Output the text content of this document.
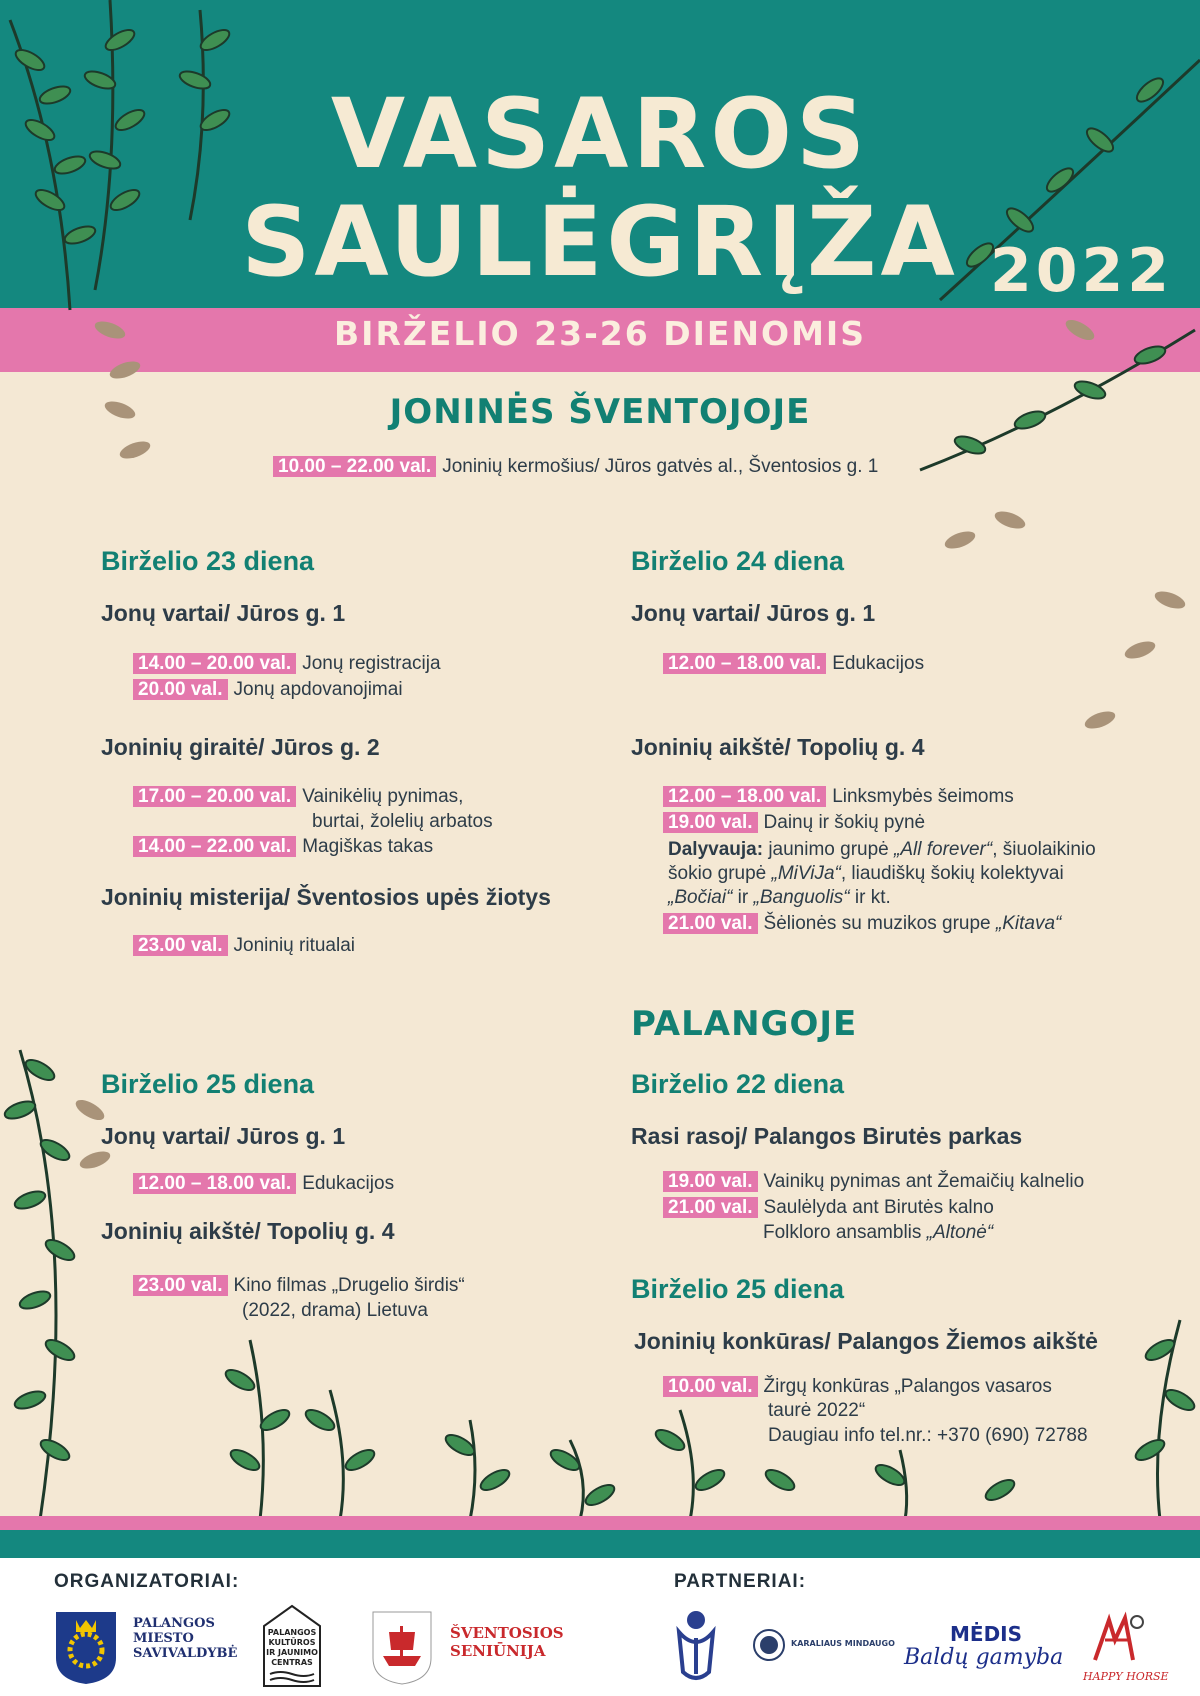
VASAROS
SAULĖGRĮŽA 2022
BIRŽELIO 23-26 DIENOMIS
JONINĖS ŠVENTOJOJE
10.00 – 22.00 val. Joninių kermošius/ Jūros gatvės al., Šventosios g. 1
Birželio 23 diena
Jonų vartai/ Jūros g. 1
14.00 – 20.00 val. Jonų registracija
20.00 val. Jonų apdovanojimai
Joninių giraitė/ Jūros g. 2
17.00 – 20.00 val. Vainikėlių pynimas,
burtai, žolelių arbatos
14.00 – 22.00 val. Magiškas takas
Joninių misterija/ Šventosios upės žiotys
23.00 val. Joninių ritualai
Birželio 24 diena
Jonų vartai/ Jūros g. 1
12.00 – 18.00 val. Edukacijos
Joninių aikštė/ Topolių g. 4
12.00 – 18.00 val. Linksmybės šeimoms
19.00 val. Dainų ir šokių pynė
Dalyvauja: jaunimo grupė „All forever“, šiuolaikinio
šokio grupė „MiViJa“, liaudiškų šokių kolektyvai
„Bočiai“ ir „Banguolis“ ir kt.
21.00 val. Šėlionės su muzikos grupe „Kitava“
PALANGOJE
Birželio 25 diena
Jonų vartai/ Jūros g. 1
12.00 – 18.00 val. Edukacijos
Joninių aikštė/ Topolių g. 4
23.00 val. Kino filmas „Drugelio širdis“
(2022, drama) Lietuva
Birželio 22 diena
Rasi rasoj/ Palangos Birutės parkas
19.00 val. Vainikų pynimas ant Žemaičių kalnelio
21.00 val. Saulėlyda ant Birutės kalno
Folkloro ansamblis „Altonė“
Birželio 25 diena
Joninių konkūras/ Palangos Žiemos aikštė
10.00 val. Žirgų konkūras „Palangos vasaros
taurė 2022“
Daugiau info tel.nr.: +370 (690) 72788
ORGANIZATORIAI:	PARTNERIAI:
PALANGOS
MIESTO
SAVIVALDYBĖ
PALANGOS
KULTŪROS
IR JAUNIMO
CENTRAS
ŠVENTOSIOS
SENIŪNIJA	KARALIAUS MINDAUGO	MĖDIS
Baldų gamyba
HAPPY HORSE
